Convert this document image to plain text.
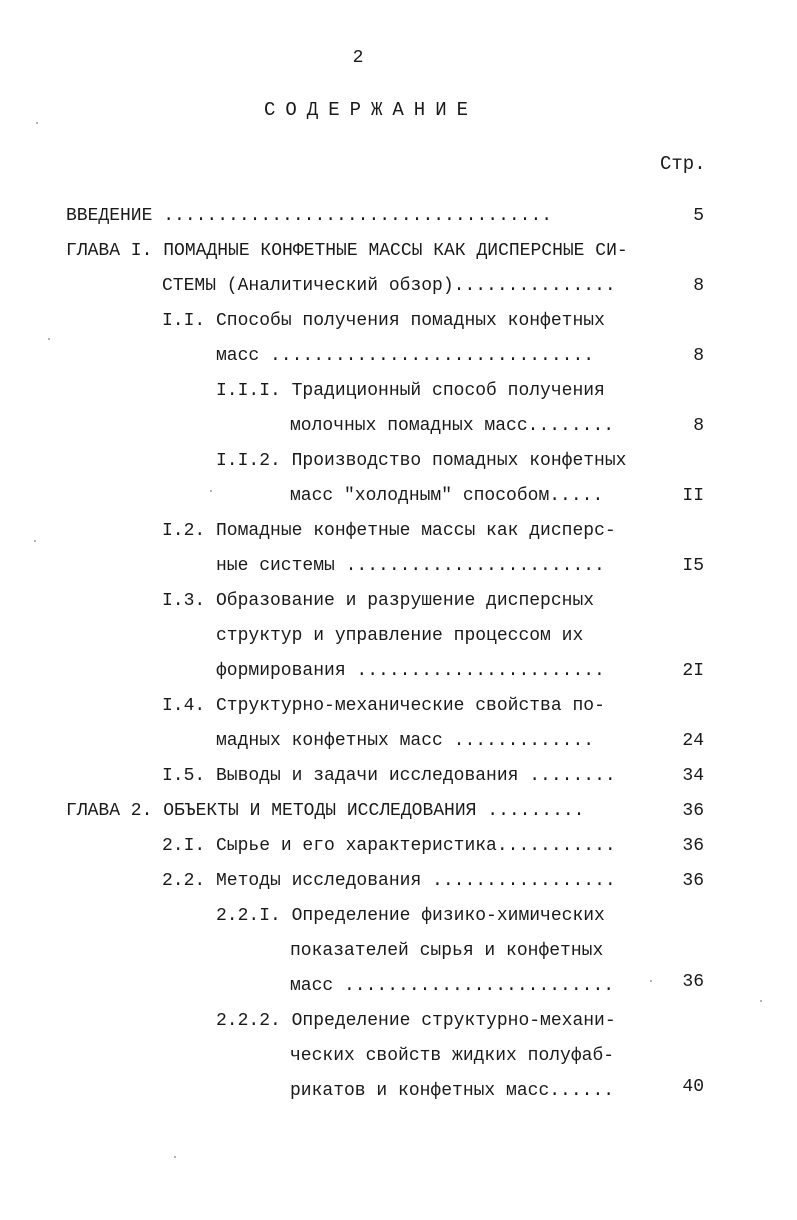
2
СОДЕРЖАНИЕ
Стр.
ВВЕДЕНИЕ ....................................	5
ГЛАВА I. ПОМАДНЫЕ КОНФЕТНЫЕ МАССЫ КАК ДИСПЕРСНЫЕ СИ-
СТЕМЫ (Аналитический обзор)...............	8
I.I. Способы получения помадных конфетных
масс ..............................	8
I.I.I. Традиционный способ получения
молочных помадных масс........	8
I.I.2. Производство помадных конфетных
масс "холодным" способом.....	II
I.2. Помадные конфетные массы как дисперс-
ные системы ........................	I5
I.3. Образование и разрушение дисперсных
структур и управление процессом их
формирования .......................	2I
I.4. Структурно-механические свойства по-
мадных конфетных масс .............	24
I.5. Выводы и задачи исследования ........	34
ГЛАВА 2. ОБЪЕКТЫ И МЕТОДЫ ИССЛЕДОВАНИЯ .........	36
2.I. Сырье и его характеристика...........	36
2.2. Методы исследования .................	36
2.2.I. Определение физико-химических
показателей сырья и конфетных
масс .........................	36
2.2.2. Определение структурно-механи-
ческих свойств жидких полуфаб-
рикатов и конфетных масс......	40
